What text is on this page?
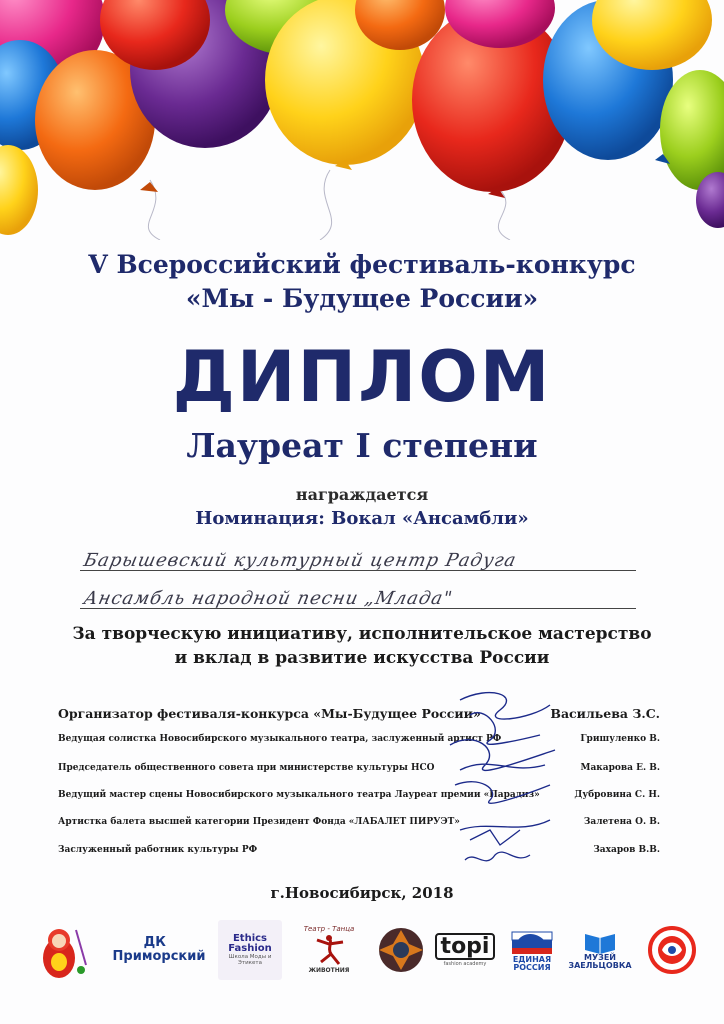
V Всероссийский фестиваль-конкурс
«Мы - Будущее России»
ДИПЛОМ
Лауреат I степени
награждается
Номинация: Вокал «Ансамбли»
Барышевский культурный центр Радуга
Ансамбль народной песни „Млада"
За творческую инициативу, исполнительское мастерство
и вклад в развитие искусства России
Организатор фестиваля-конкурса «Мы-Будущее России»	Васильева З.С.
Ведущая солистка Новосибирского музыкального театра, заслуженный артист РФ	Гришуленко В.
Председатель общественного совета при министерстве культуры НСО	Макарова Е. В.
Ведущий мастер сцены Новосибирского музыкального театра Лауреат премии «Парадиз»	Дубровина С. Н.
Артистка балета высшей категории Президент Фонда «ЛАБАЛЕТ ПИРУЭТ»	Залетена О. В.
Заслуженный работник культуры РФ	Захаров В.В.
г.Новосибирск, 2018
ДК  Приморский
Ethics
Fashion
Школа Моды и Этикета
Театр - Танца
ЖИВОТНИЯ
topi
fashion academy
ЕДИНАЯ
РОССИЯ
МУЗЕЙ
ЗАЕЛЬЦОВКА
